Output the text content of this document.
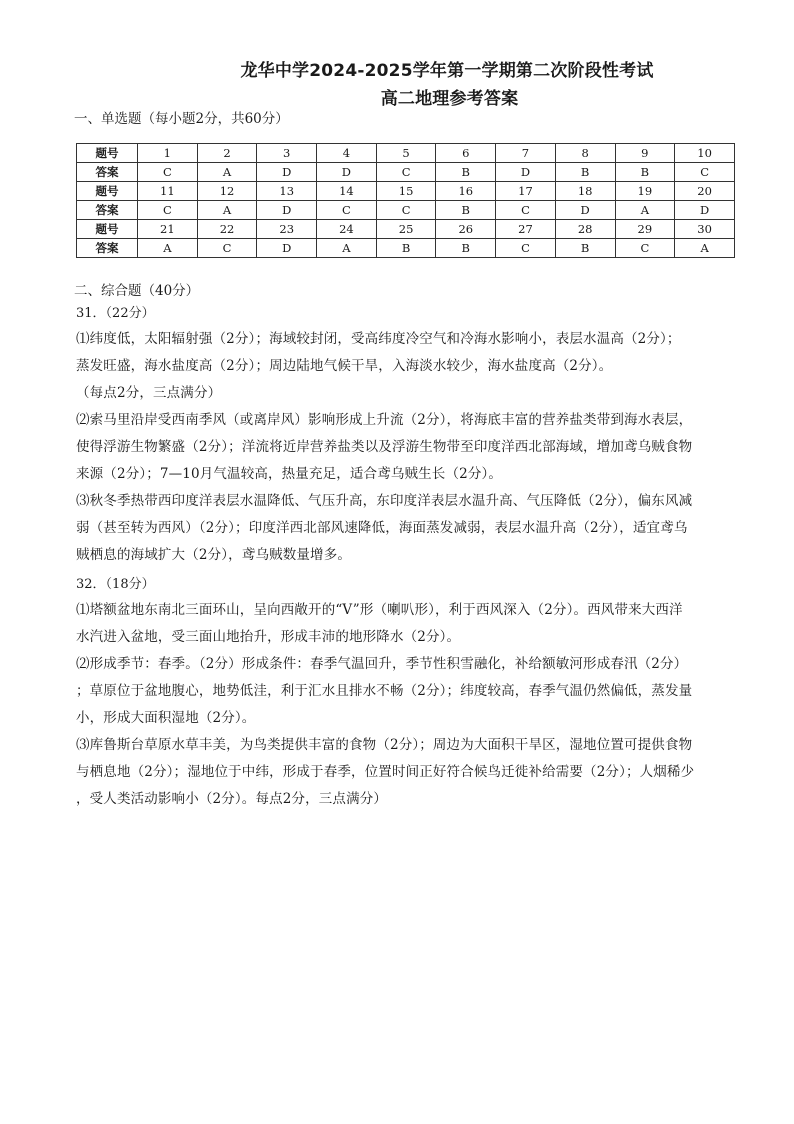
龙华中学2024-2025学年第一学期第二次阶段性考试
高二地理参考答案
一、单选题（每小题2分，共60分）
题号	1	2	3	4	5	6	7	8	9	10
答案	C	A	D	D	C	B	D	B	B	C
题号	11	12	13	14	15	16	17	18	19	20
答案	C	A	D	C	C	B	C	D	A	D
题号	21	22	23	24	25	26	27	28	29	30
答案	A	C	D	A	B	B	C	B	C	A
二、综合题（40分）
31．（22分）
⑴纬度低，太阳辐射强（2分）；海域较封闭，受高纬度冷空气和冷海水影响小，表层水温高（2分）；
蒸发旺盛，海水盐度高（2分）；周边陆地气候干旱，入海淡水较少，海水盐度高（2分）。
（每点2分，三点满分）
⑵索马里沿岸受西南季风（或离岸风）影响形成上升流（2分），将海底丰富的营养盐类带到海水表层，
使得浮游生物繁盛（2分）；洋流将近岸营养盐类以及浮游生物带至印度洋西北部海域，增加鸢乌贼食物
来源（2分）；7—10月气温较高，热量充足，适合鸢乌贼生长（2分）。
⑶秋冬季热带西印度洋表层水温降低、气压升高，东印度洋表层水温升高、气压降低（2分），偏东风减
弱（甚至转为西风）（2分）；印度洋西北部风速降低，海面蒸发减弱，表层水温升高（2分），适宜鸢乌
贼栖息的海域扩大（2分），鸢乌贼数量增多。
32．（18分）
⑴塔额盆地东南北三面环山，呈向西敞开的“V”形（喇叭形），利于西风深入（2分）。西风带来大西洋
水汽进入盆地，受三面山地抬升，形成丰沛的地形降水（2分）。
⑵形成季节：春季。（2分）形成条件：春季气温回升，季节性积雪融化，补给额敏河形成春汛（2分）
；草原位于盆地腹心，地势低洼，利于汇水且排水不畅（2分）；纬度较高，春季气温仍然偏低，蒸发量
小，形成大面积湿地（2分）。
⑶库鲁斯台草原水草丰美，为鸟类提供丰富的食物（2分）；周边为大面积干旱区，湿地位置可提供食物
与栖息地（2分）；湿地位于中纬，形成于春季，位置时间正好符合候鸟迁徙补给需要（2分）；人烟稀少
，受人类活动影响小（2分）。每点2分，三点满分）
